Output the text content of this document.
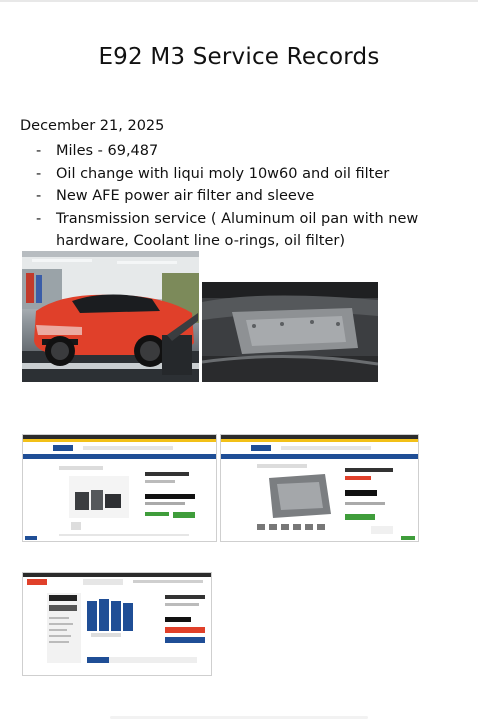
E92 M3 Service Records
December 21, 2025
- Miles - 69,487
- Oil change with liqui moly 10w60 and oil filter
- New AFE power air filter and sleeve
- Transmission service ( Aluminum oil pan with new hardware, Coolant line o-rings, oil filter)
